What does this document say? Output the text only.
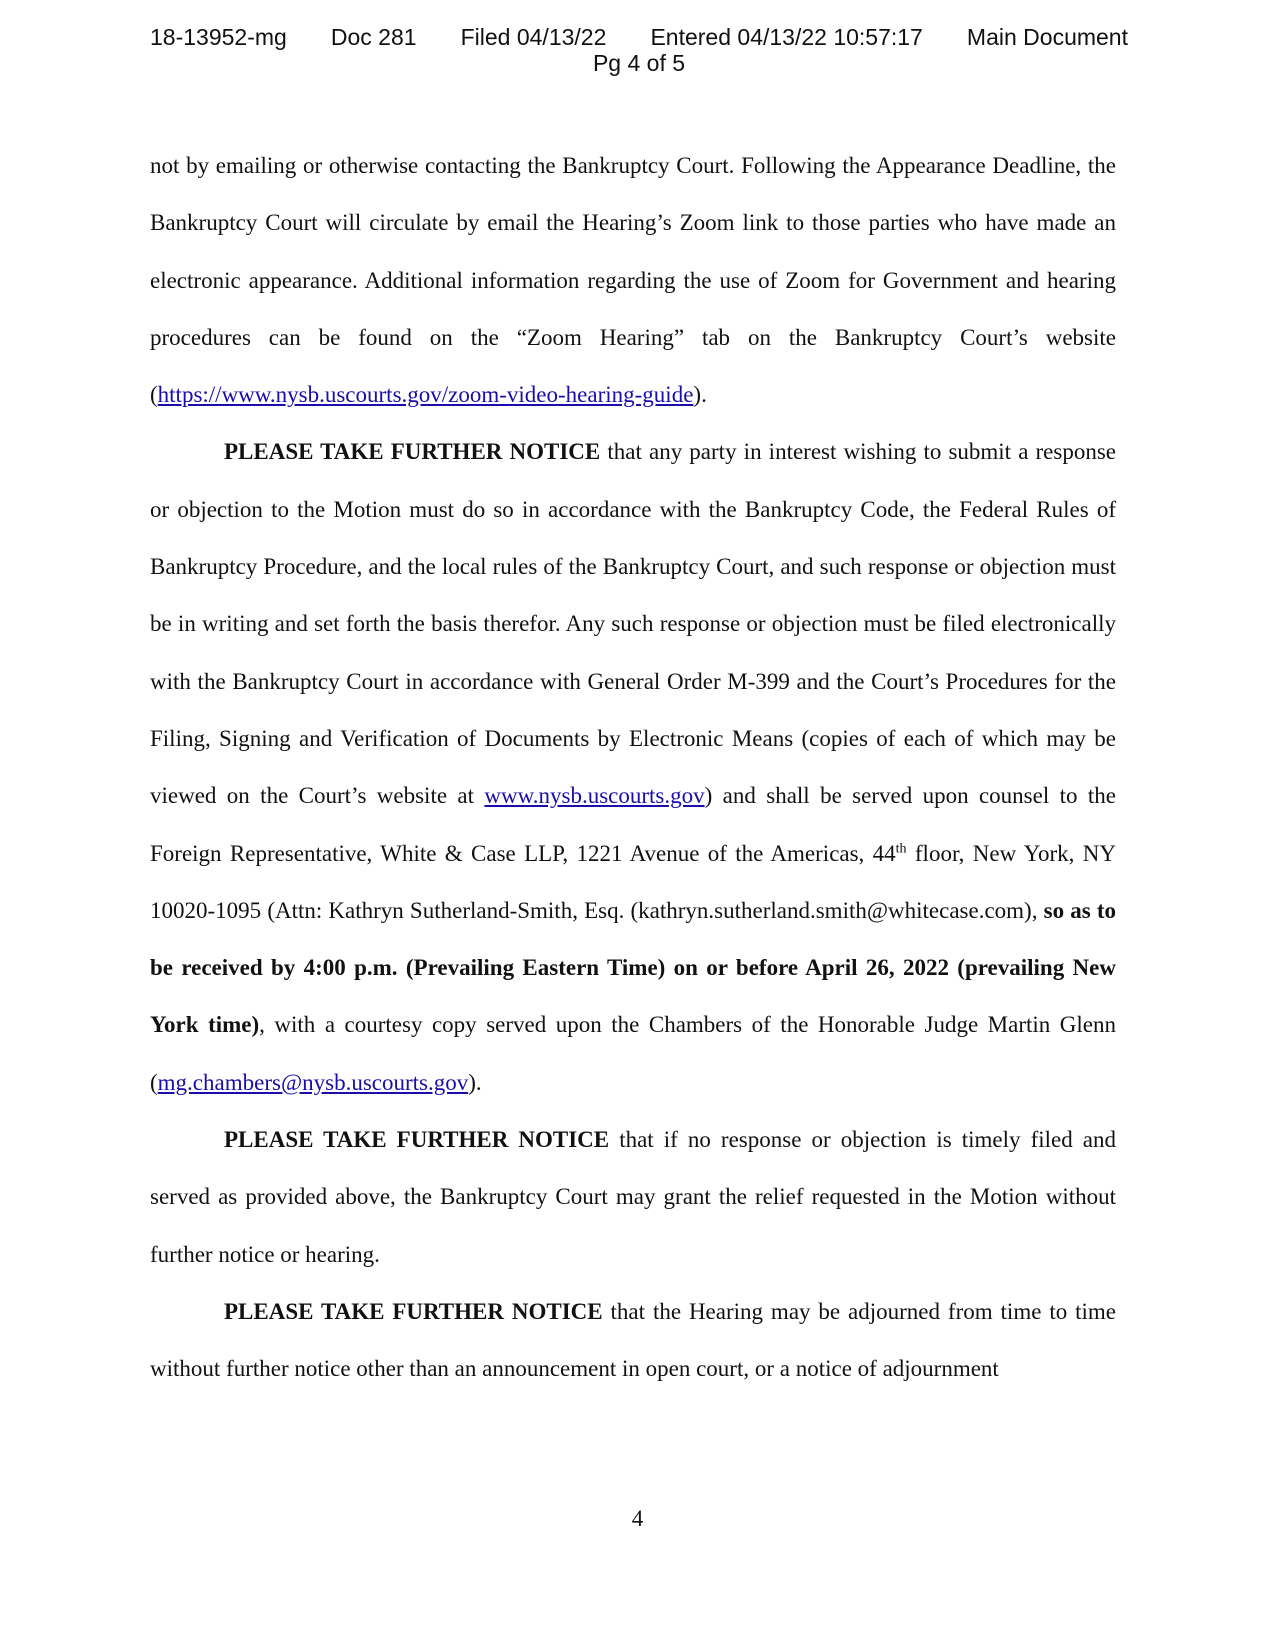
18-13952-mg Doc 281 Filed 04/13/22 Entered 04/13/22 10:57:17 Main Document
Pg 4 of 5

not by emailing or otherwise contacting the Bankruptcy Court. Following the Appearance Deadline, the Bankruptcy Court will circulate by email the Hearing’s Zoom link to those parties who have made an electronic appearance. Additional information regarding the use of Zoom for Government and hearing procedures can be found on the “Zoom Hearing” tab on the Bankruptcy Court’s website (https://www.nysb.uscourts.gov/zoom-video-hearing-guide).

PLEASE TAKE FURTHER NOTICE that any party in interest wishing to submit a response or objection to the Motion must do so in accordance with the Bankruptcy Code, the Federal Rules of Bankruptcy Procedure, and the local rules of the Bankruptcy Court, and such response or objection must be in writing and set forth the basis therefor. Any such response or objection must be filed electronically with the Bankruptcy Court in accordance with General Order M-399 and the Court’s Procedures for the Filing, Signing and Verification of Documents by Electronic Means (copies of each of which may be viewed on the Court’s website at www.nysb.uscourts.gov) and shall be served upon counsel to the Foreign Representative, White & Case LLP, 1221 Avenue of the Americas, 44th floor, New York, NY 10020-1095 (Attn: Kathryn Sutherland-Smith, Esq. (kathryn.sutherland.smith@whitecase.com), so as to be received by 4:00 p.m. (Prevailing Eastern Time) on or before April 26, 2022 (prevailing New York time), with a courtesy copy served upon the Chambers of the Honorable Judge Martin Glenn (mg.chambers@nysb.uscourts.gov).

PLEASE TAKE FURTHER NOTICE that if no response or objection is timely filed and served as provided above, the Bankruptcy Court may grant the relief requested in the Motion without further notice or hearing.

PLEASE TAKE FURTHER NOTICE that the Hearing may be adjourned from time to time without further notice other than an announcement in open court, or a notice of adjournment

4
